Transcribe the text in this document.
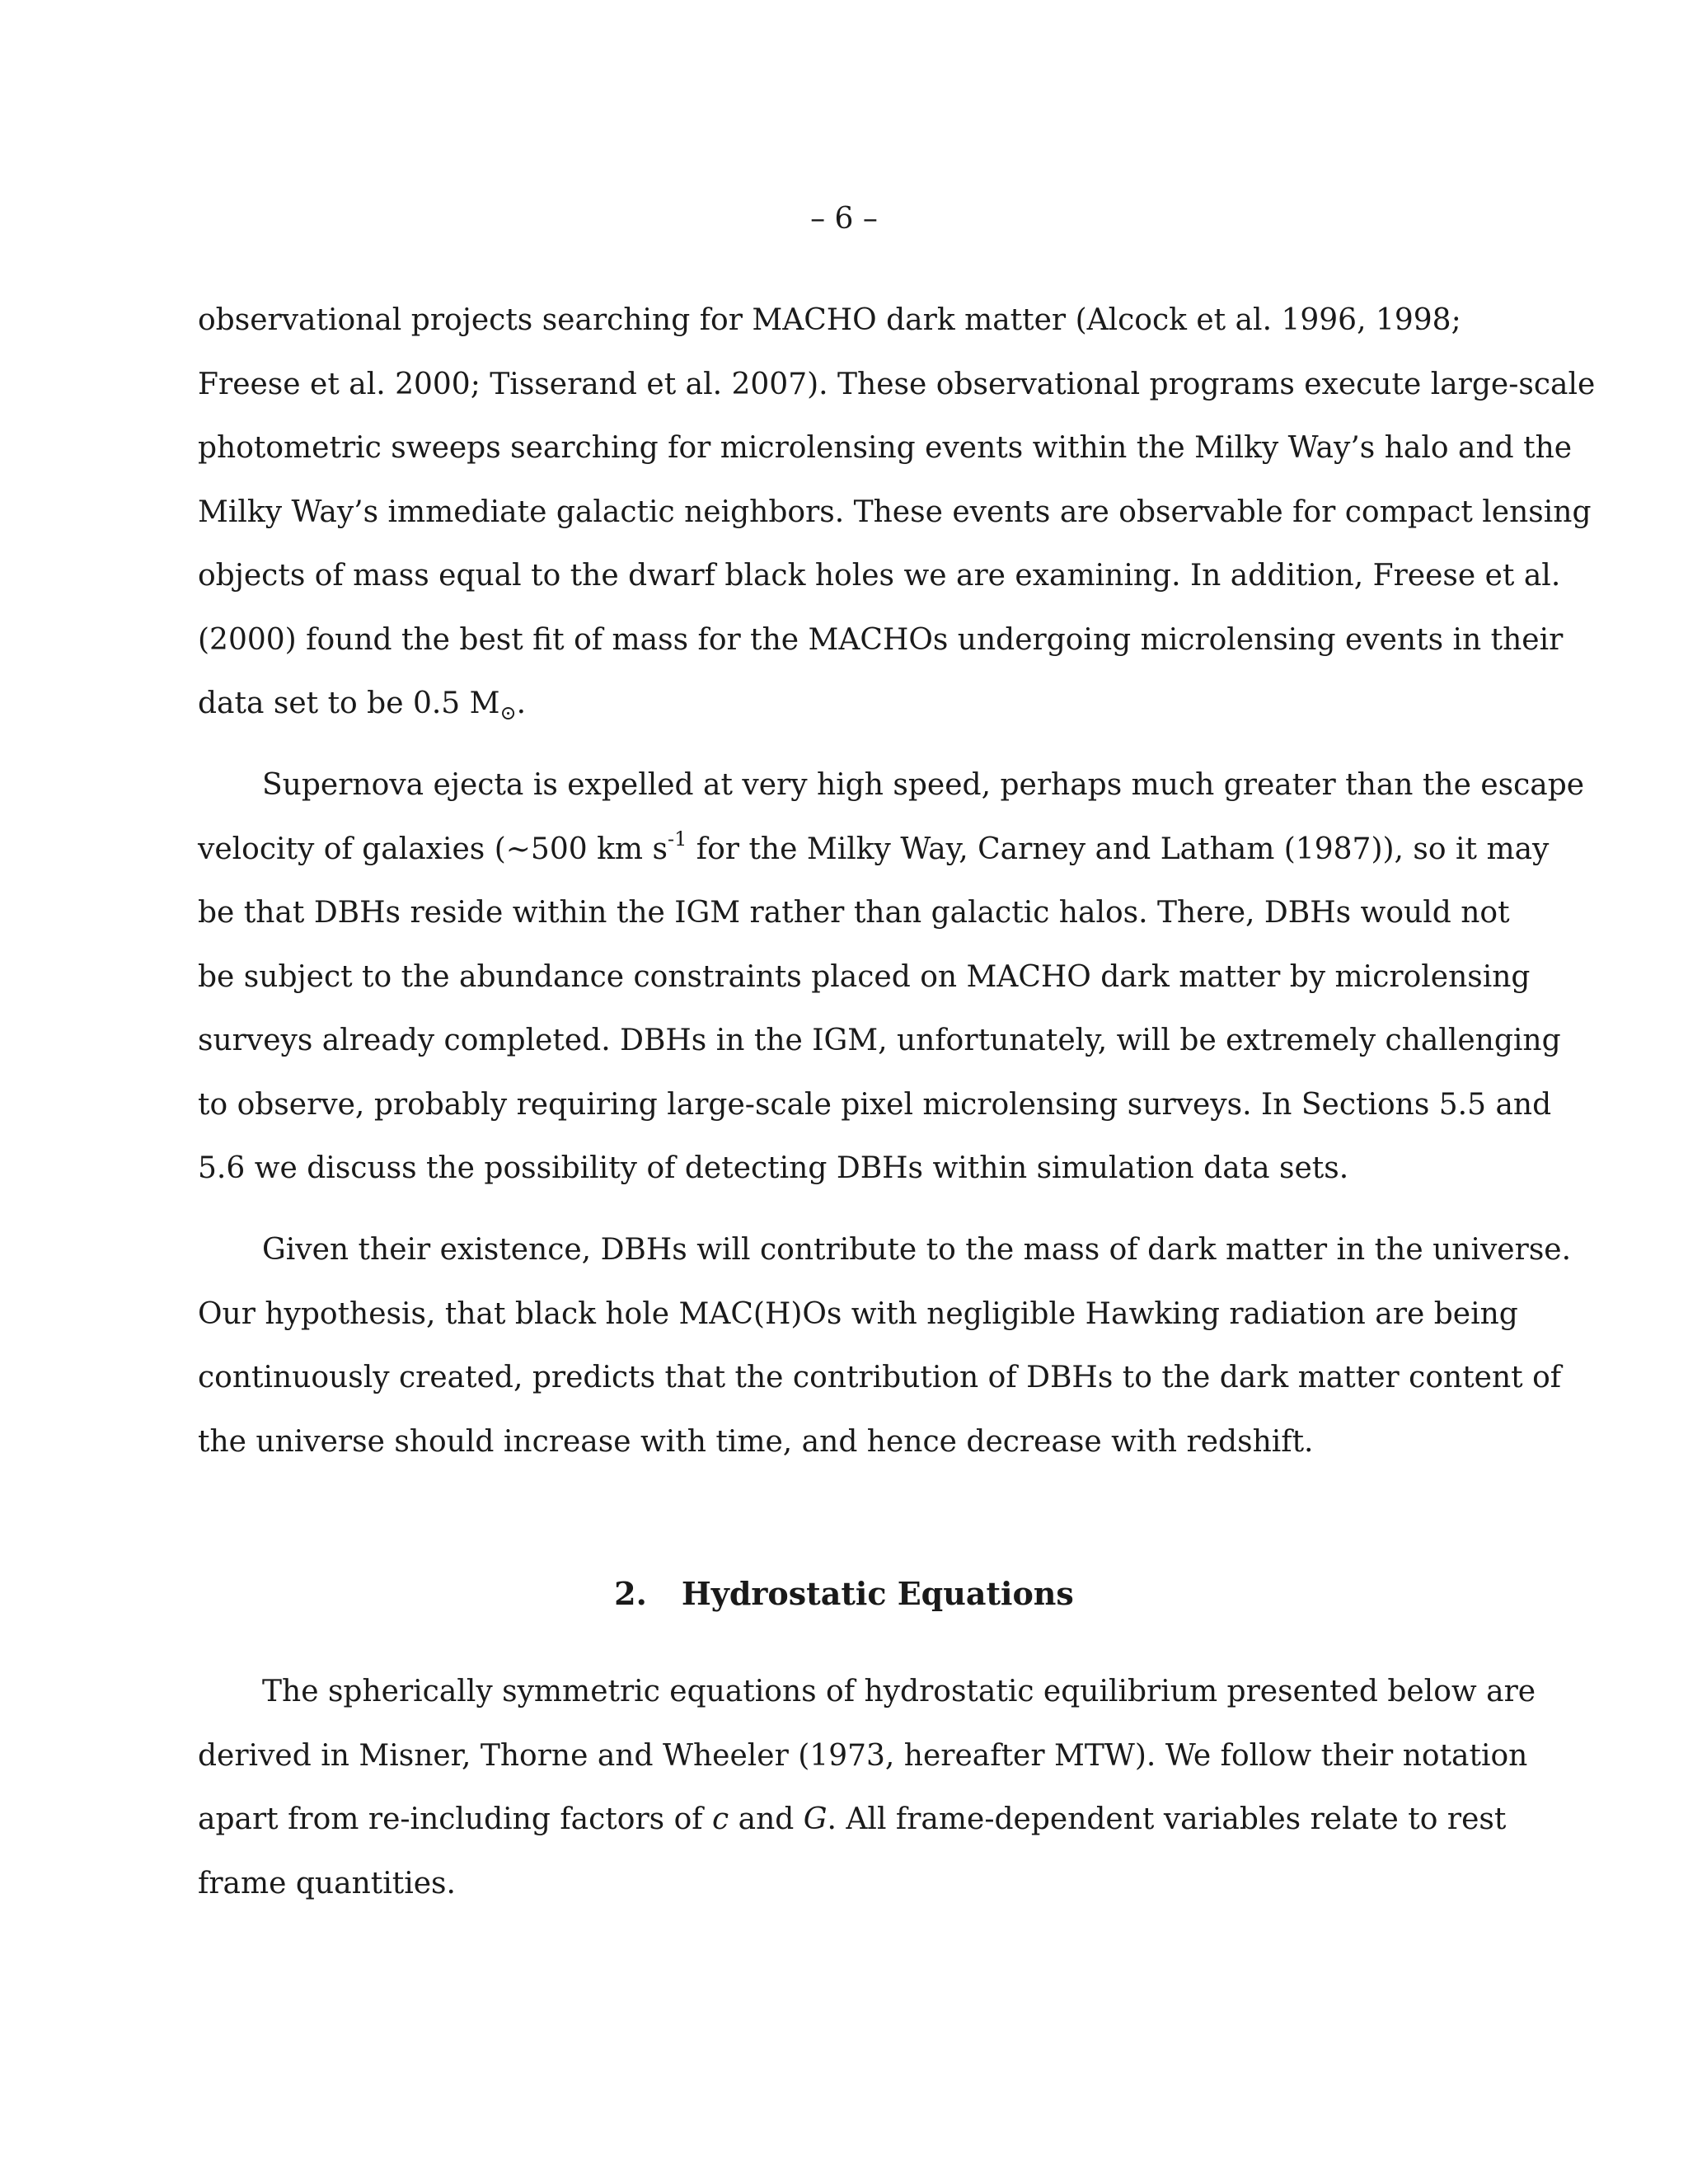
– 6 –
observational projects searching for MACHO dark matter (Alcock et al. 1996, 1998;
Freese et al. 2000; Tisserand et al. 2007). These observational programs execute large-scale
photometric sweeps searching for microlensing events within the Milky Way’s halo and the
Milky Way’s immediate galactic neighbors. These events are observable for compact lensing
objects of mass equal to the dwarf black holes we are examining. In addition, Freese et al.
(2000) found the best fit of mass for the MACHOs undergoing microlensing events in their
data set to be 0.5 $M_⊙$.
Supernova ejecta is expelled at very high speed, perhaps much greater than the escape
velocity of galaxies (∼500 km $s^{-1}$ for the Milky Way, Carney and Latham (1987)), so it may
be that DBHs reside within the IGM rather than galactic halos. There, DBHs would not
be subject to the abundance constraints placed on MACHO dark matter by microlensing
surveys already completed. DBHs in the IGM, unfortunately, will be extremely challenging
to observe, probably requiring large-scale pixel microlensing surveys. In Sections 5.5 and
5.6 we discuss the possibility of detecting DBHs within simulation data sets.
Given their existence, DBHs will contribute to the mass of dark matter in the universe.
Our hypothesis, that black hole MAC(H)Os with negligible Hawking radiation are being
continuously created, predicts that the contribution of DBHs to the dark matter content of
the universe should increase with time, and hence decrease with redshift.
2. Hydrostatic Equations
The spherically symmetric equations of hydrostatic equilibrium presented below are
derived in Misner, Thorne and Wheeler (1973, hereafter MTW). We follow their notation
apart from re-including factors of c and G. All frame-dependent variables relate to rest
frame quantities.
